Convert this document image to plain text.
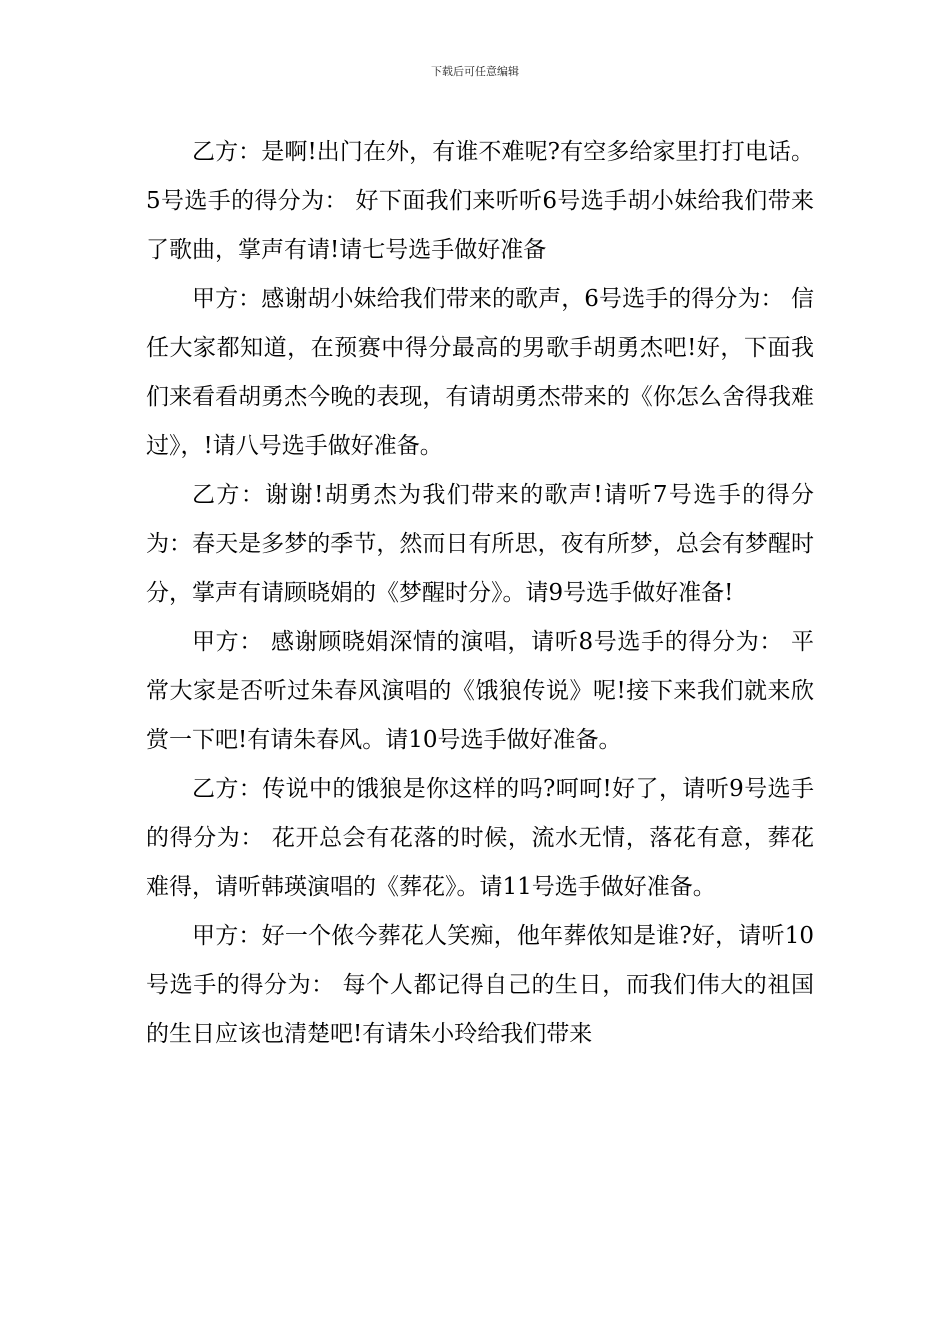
下载后可任意编辑

乙方：是啊!出门在外，有谁不难呢?有空多给家里打打电话。5号选手的得分为： 好下面我们来听听6号选手胡小妹给我们带来了歌曲，掌声有请!请七号选手做好准备

甲方：感谢胡小妹给我们带来的歌声，6号选手的得分为： 信任大家都知道，在预赛中得分最高的男歌手胡勇杰吧!好，下面我们来看看胡勇杰今晚的表现，有请胡勇杰带来的《你怎么舍得我难过》，!请八号选手做好准备。

乙方：谢谢!胡勇杰为我们带来的歌声!请听7号选手的得分为：春天是多梦的季节，然而日有所思，夜有所梦，总会有梦醒时分，掌声有请顾晓娟的《梦醒时分》。请9号选手做好准备!

甲方： 感谢顾晓娟深情的演唱，请听8号选手的得分为： 平常大家是否听过朱春风演唱的《饿狼传说》呢!接下来我们就来欣赏一下吧!有请朱春风。请10号选手做好准备。

乙方：传说中的饿狼是你这样的吗?呵呵!好了，请听9号选手的得分为： 花开总会有花落的时候，流水无情，落花有意，葬花难得，请听韩瑛演唱的《葬花》。请11号选手做好准备。

甲方：好一个侬今葬花人笑痴，他年葬侬知是谁?好，请听10号选手的得分为： 每个人都记得自己的生日，而我们伟大的祖国的生日应该也清楚吧!有请朱小玲给我们带来
